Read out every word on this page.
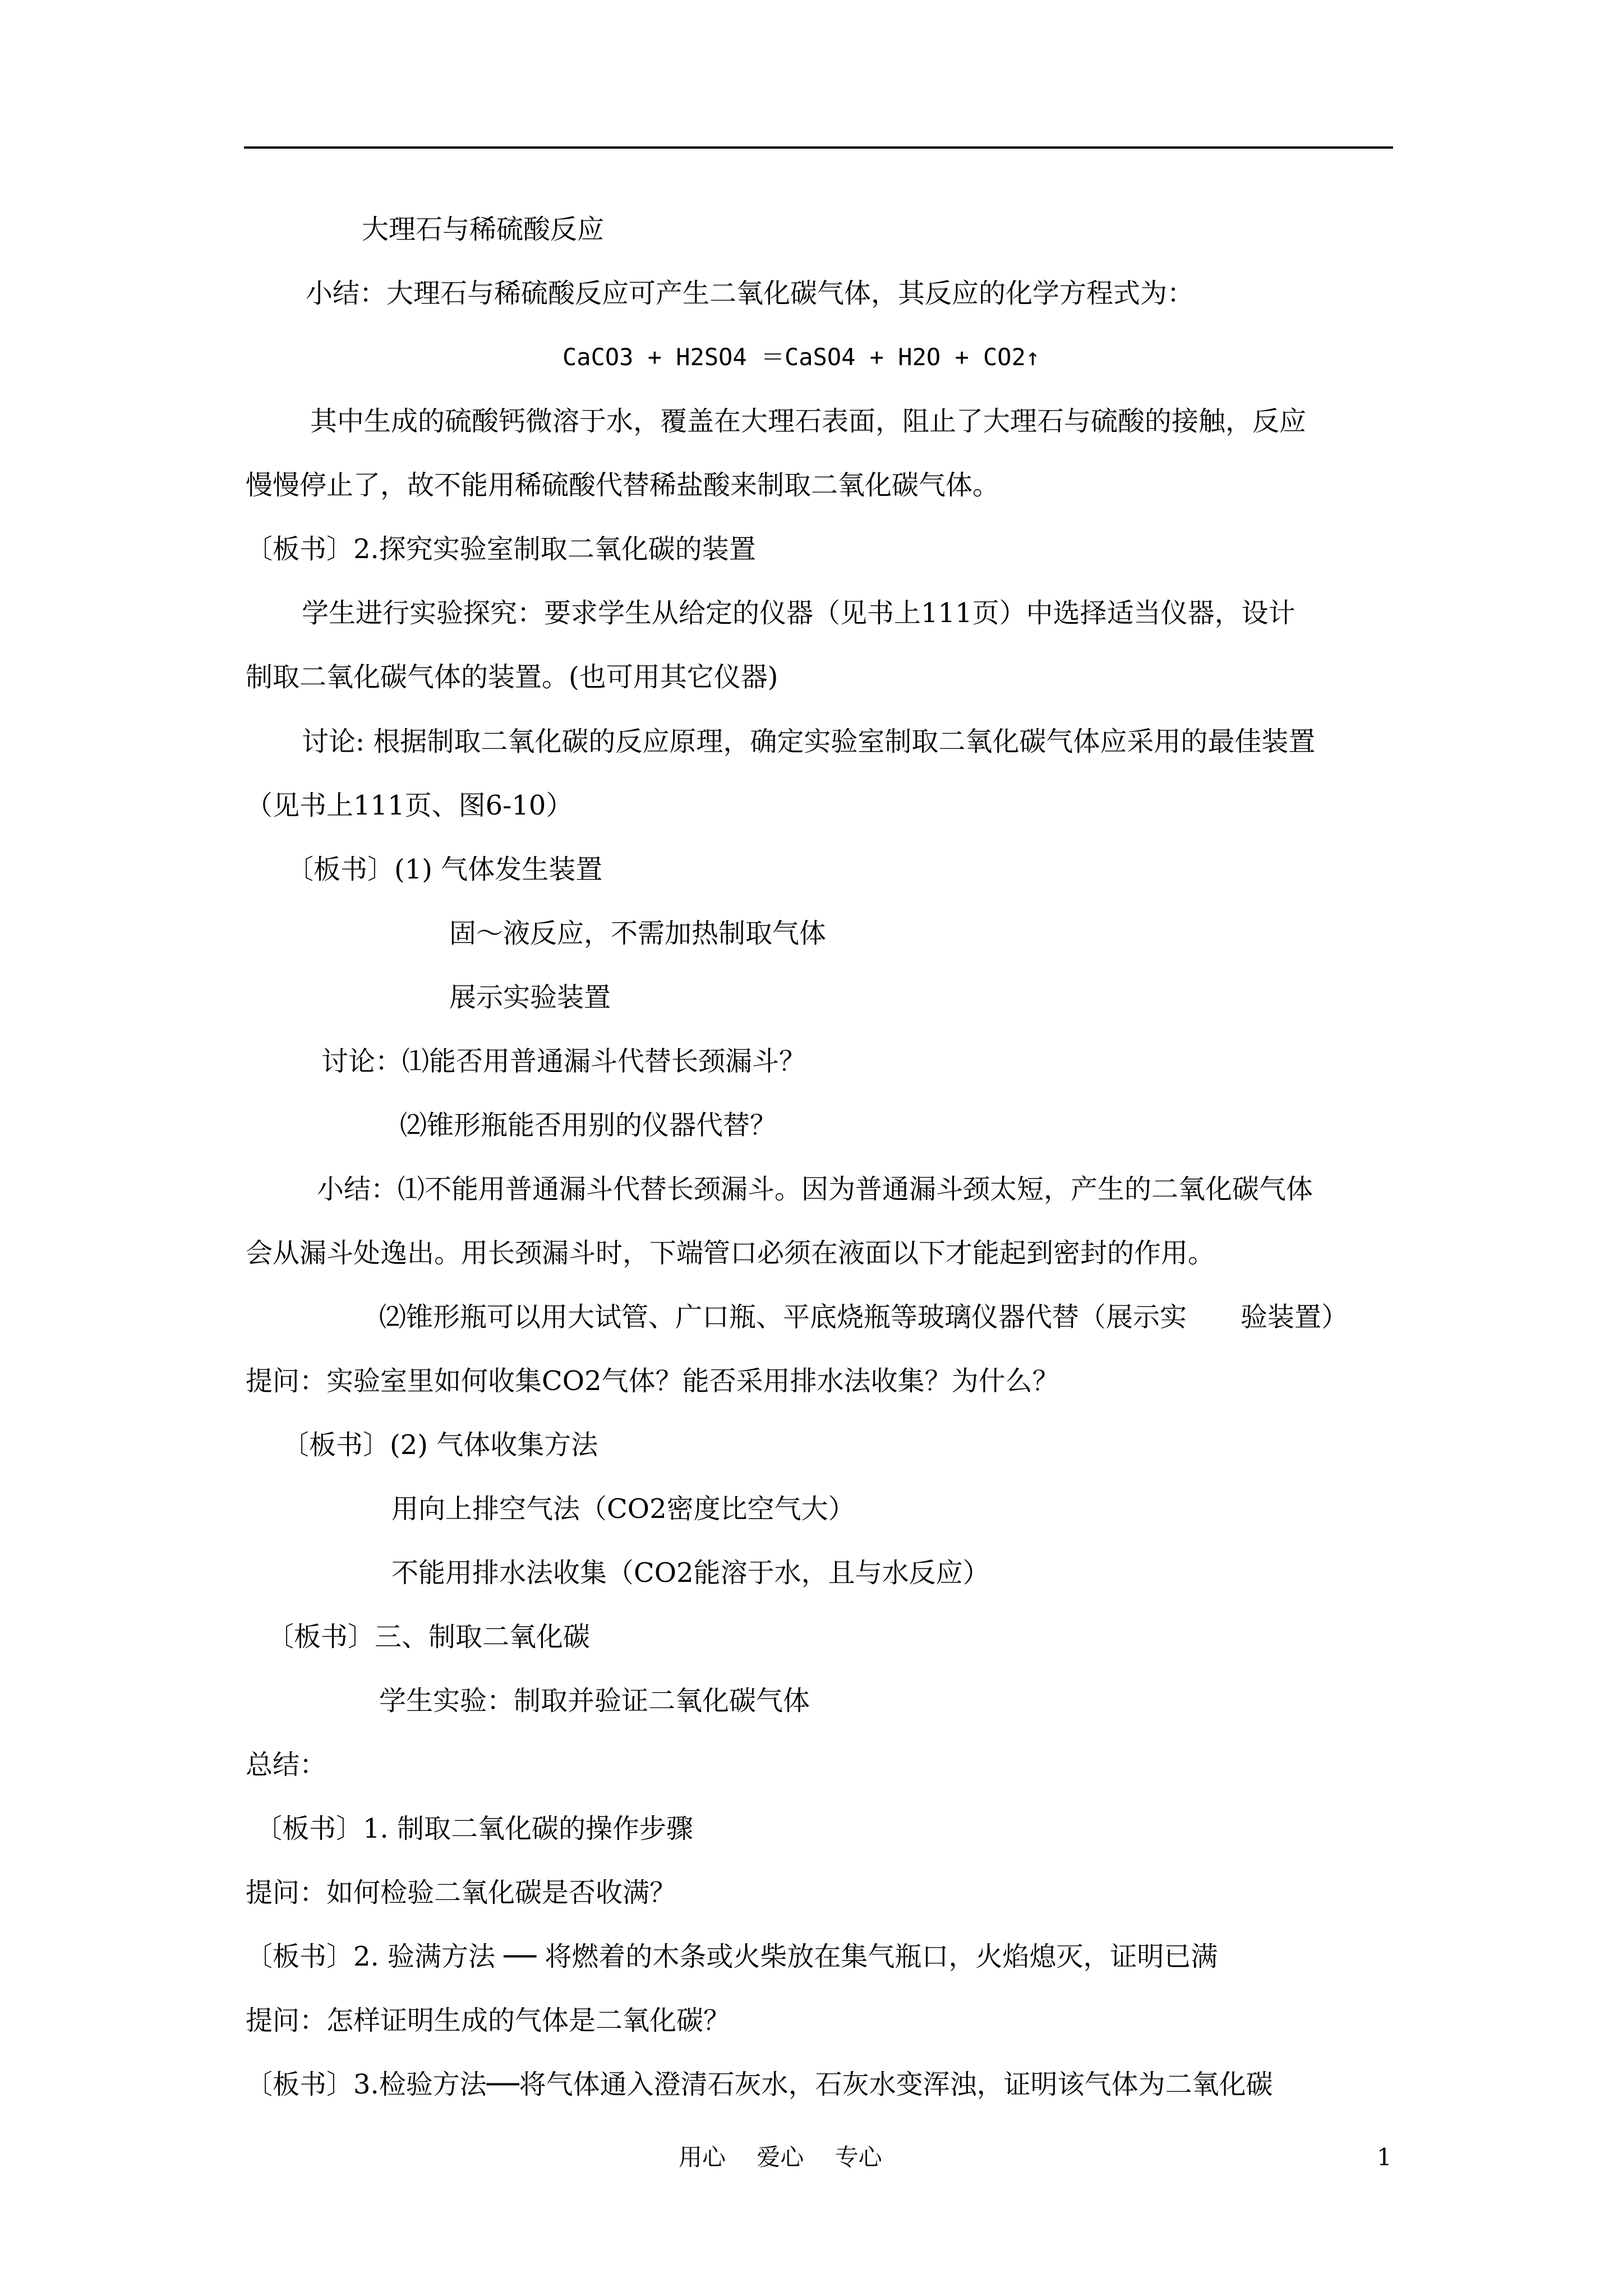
大理石与稀硫酸反应
小结：大理石与稀硫酸反应可产生二氧化碳气体，其反应的化学方程式为：
CaCO3 + H2SO4 ＝CaSO4 + H2O + CO2↑
其中生成的硫酸钙微溶于水，覆盖在大理石表面，阻止了大理石与硫酸的接触，反应
慢慢停止了，故不能用稀硫酸代替稀盐酸来制取二氧化碳气体。
〔板书〕2.探究实验室制取二氧化碳的装置
学生进行实验探究：要求学生从给定的仪器（见书上111页）中选择适当仪器，设计
制取二氧化碳气体的装置。(也可用其它仪器)
讨论: 根据制取二氧化碳的反应原理，确定实验室制取二氧化碳气体应采用的最佳装置
（见书上111页、图6-10）
〔板书〕(1) 气体发生装置
固～液反应，不需加热制取气体
展示实验装置
讨论：⑴能否用普通漏斗代替长颈漏斗？
⑵锥形瓶能否用别的仪器代替？
小结：⑴不能用普通漏斗代替长颈漏斗。因为普通漏斗颈太短，产生的二氧化碳气体
会从漏斗处逸出。用长颈漏斗时，下端管口必须在液面以下才能起到密封的作用。
⑵锥形瓶可以用大试管、广口瓶、平底烧瓶等玻璃仪器代替（展示实　　验装置）
提问：实验室里如何收集CO2气体？能否采用排水法收集？为什么？
〔板书〕(2) 气体收集方法
用向上排空气法（CO2密度比空气大）
不能用排水法收集（CO2能溶于水，且与水反应）
〔板书〕三、制取二氧化碳
学生实验：制取并验证二氧化碳气体
总结：
〔板书〕1. 制取二氧化碳的操作步骤
提问：如何检验二氧化碳是否收满？
〔板书〕2. 验满方法 ── 将燃着的木条或火柴放在集气瓶口，火焰熄灭，证明已满
提问：怎样证明生成的气体是二氧化碳？
〔板书〕3.检验方法──将气体通入澄清石灰水，石灰水变浑浊，证明该气体为二氧化碳
用心　 爱心　 专心	1
